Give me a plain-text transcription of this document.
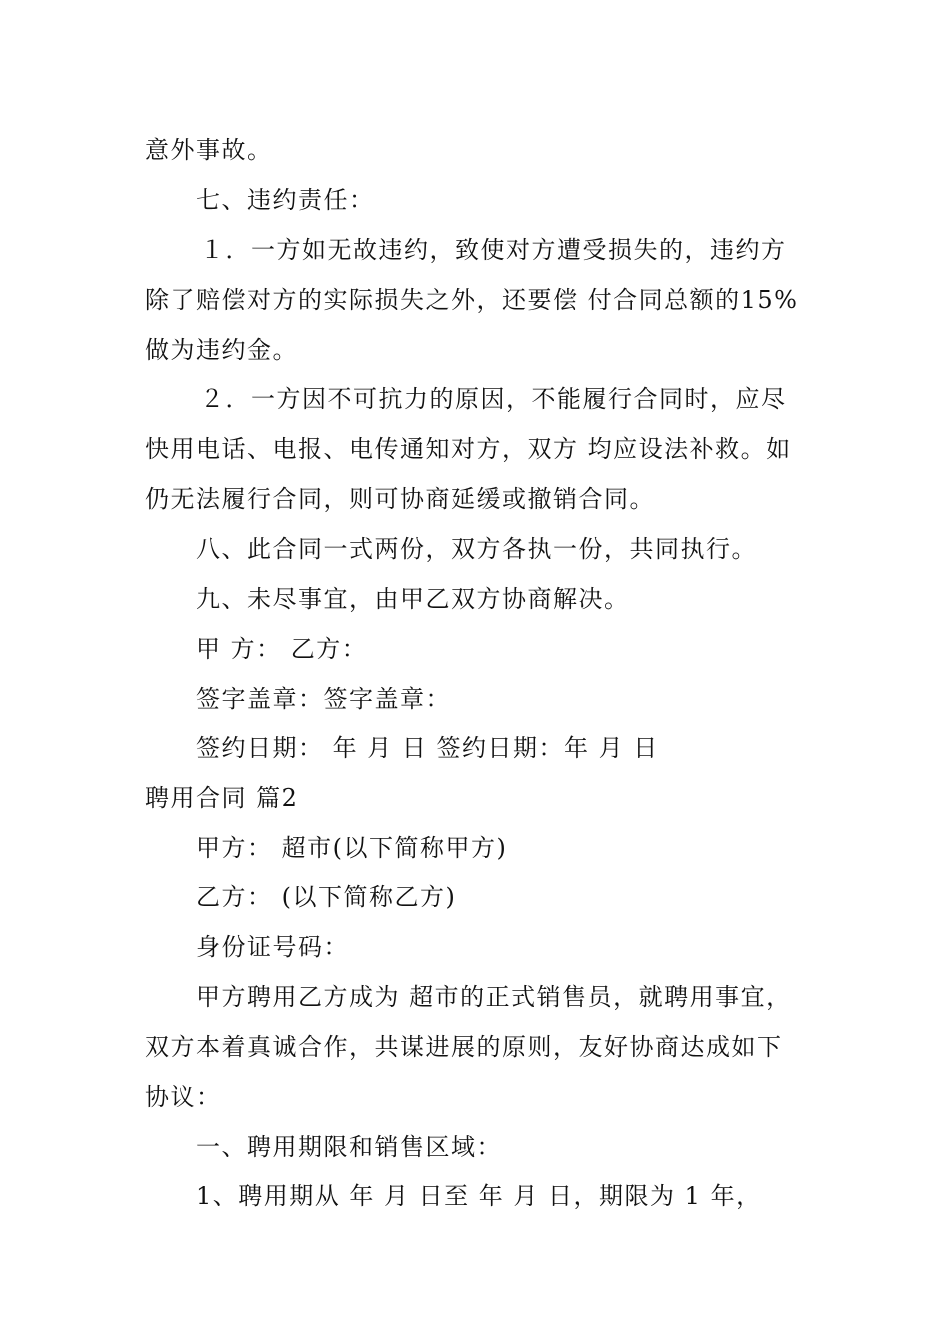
意外事故。
七、违约责任：
１．一方如无故违约，致使对方遭受损失的，违约方
除了赔偿对方的实际损失之外，还要偿 付合同总额的15%
做为违约金。
２．一方因不可抗力的原因，不能履行合同时，应尽
快用电话、电报、电传通知对方，双方 均应设法补救。如
仍无法履行合同，则可协商延缓或撤销合同。
八、此合同一式两份，双方各执一份，共同执行。
九、未尽事宜，由甲乙双方协商解决。
甲 方： 乙方：
签字盖章：签字盖章：
签约日期： 年 月 日 签约日期：年 月 日
聘用合同 篇2
甲方： 超市(以下简称甲方)
乙方： (以下简称乙方)
身份证号码：
甲方聘用乙方成为 超市的正式销售员，就聘用事宜，
双方本着真诚合作，共谋进展的原则，友好协商达成如下
协议：
一、聘用期限和销售区域：
1、聘用期从 年 月 日至 年 月 日，期限为 1 年，
